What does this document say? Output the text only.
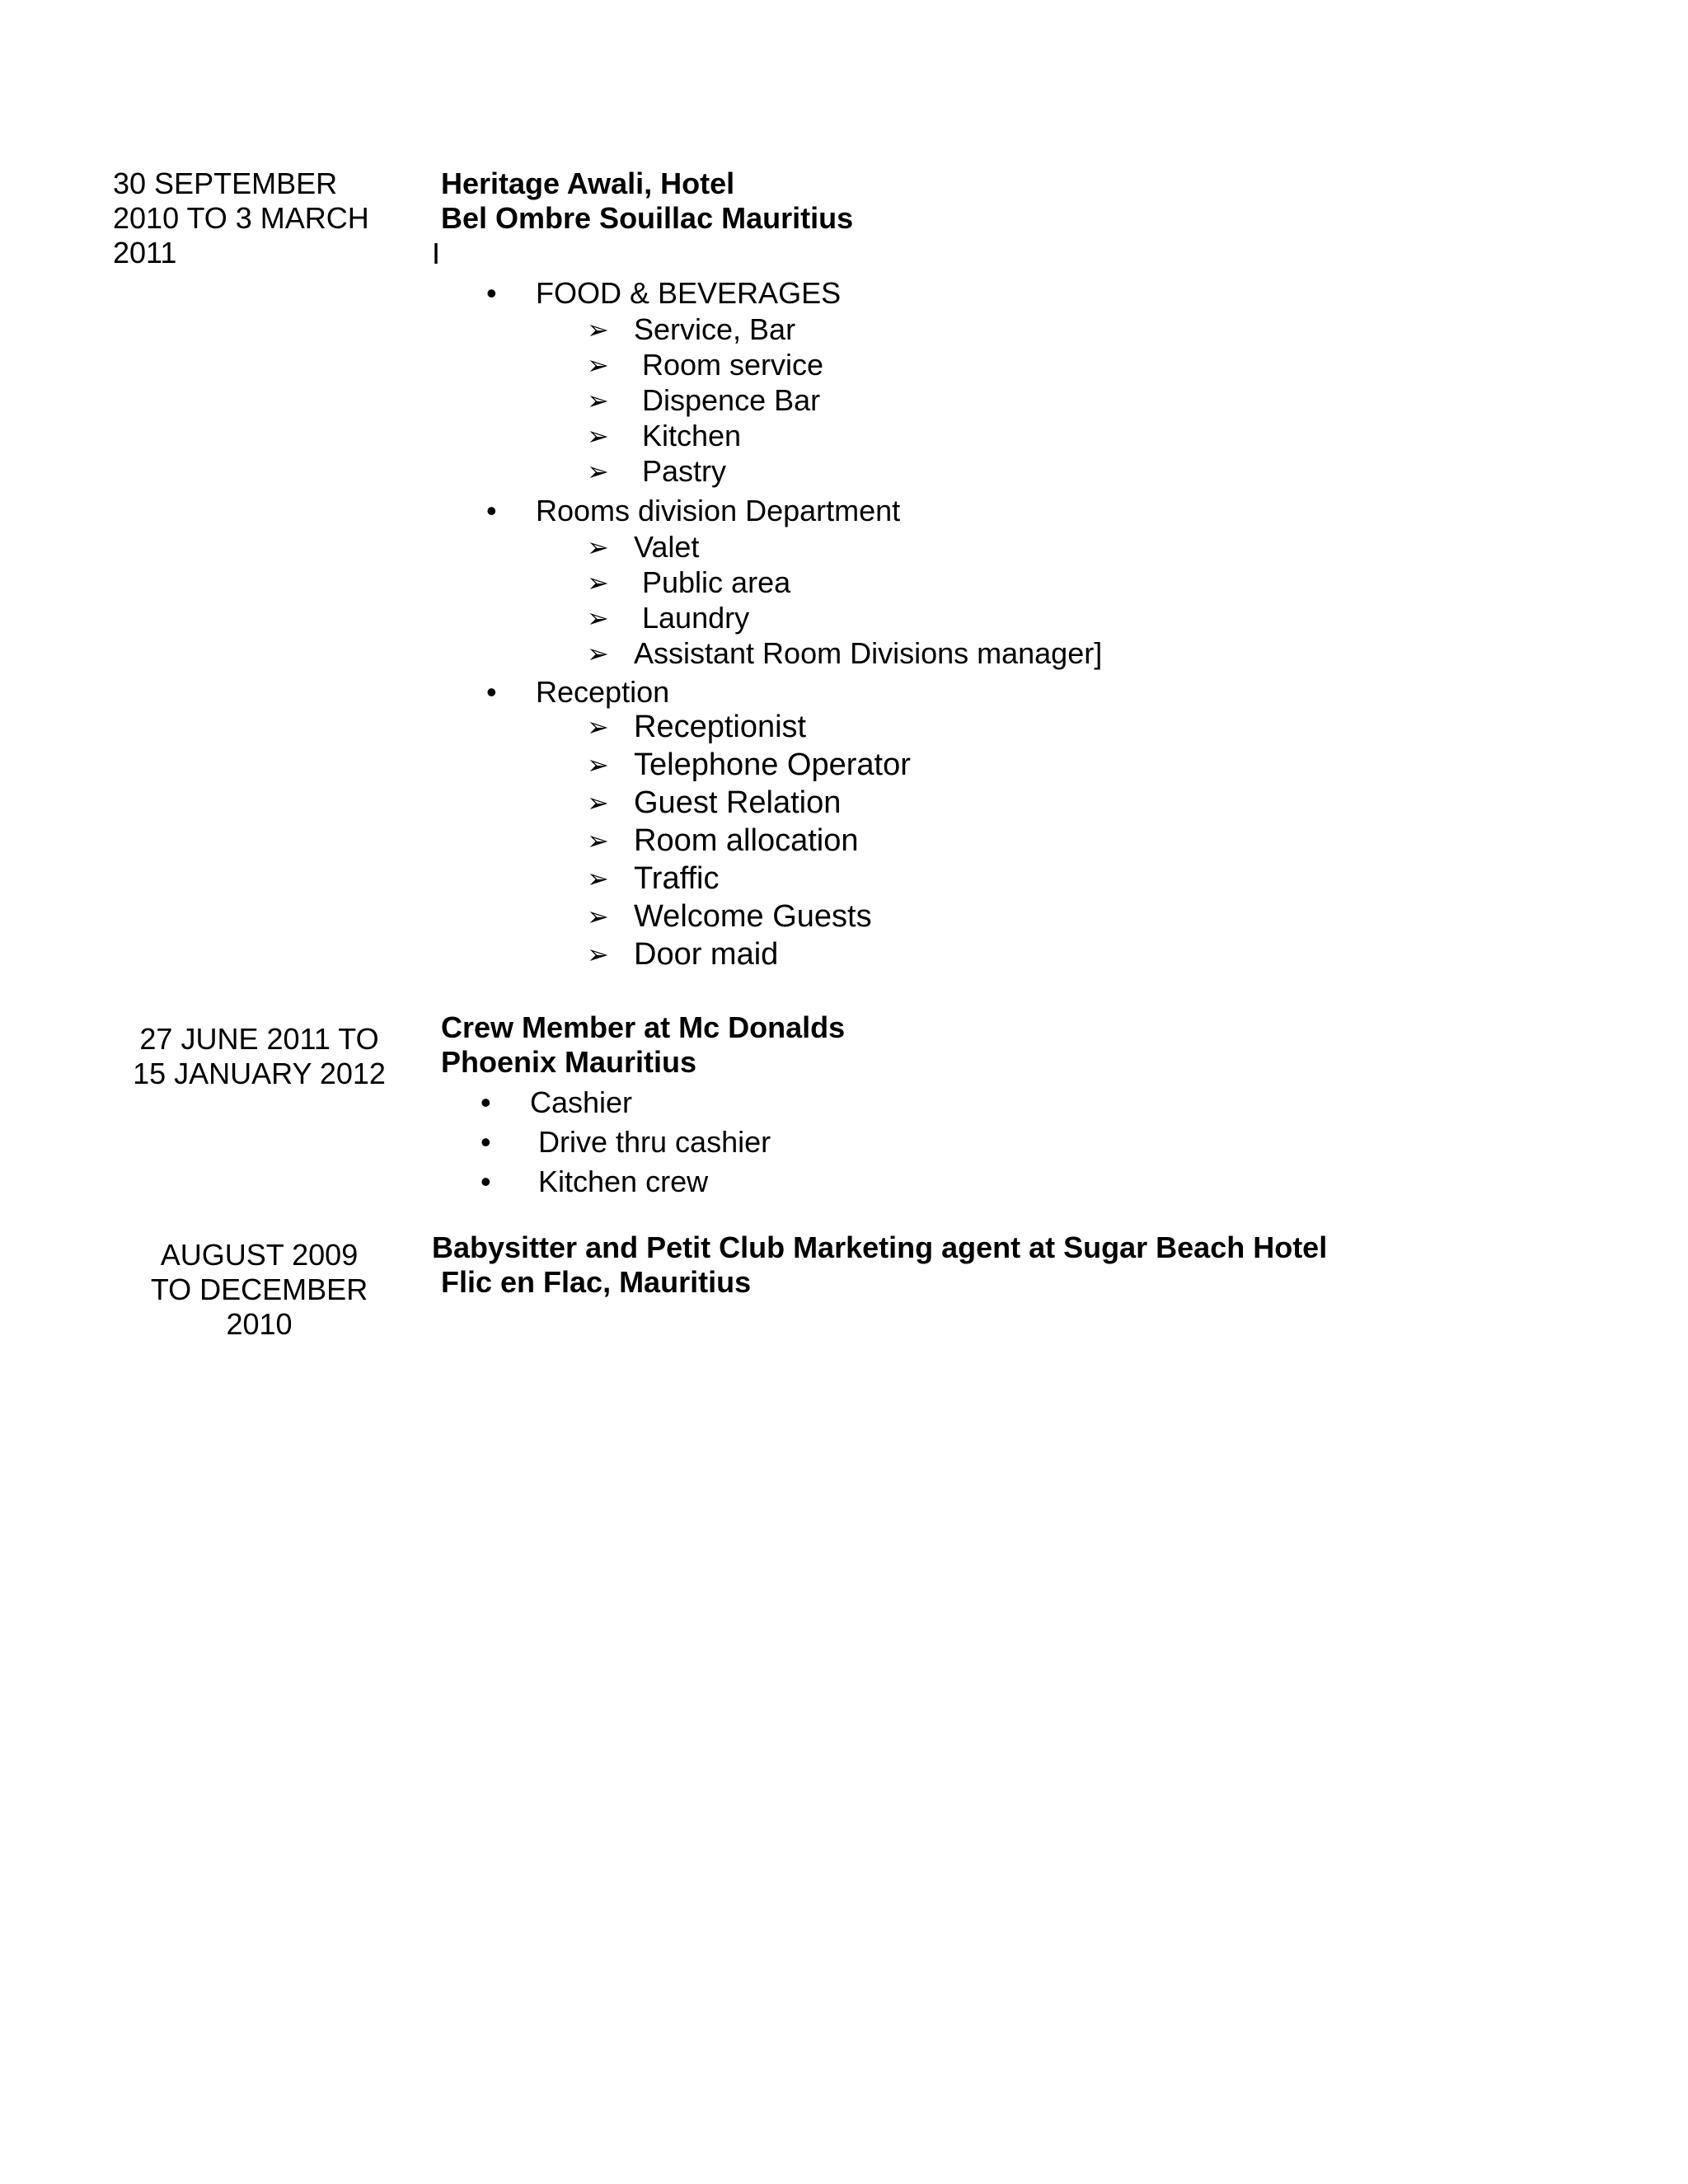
30 SEPTEMBER
2010 TO 3 MARCH
2011
Heritage Awali, Hotel
Bel Ombre Souillac Mauritius
I
• FOOD & BEVERAGES
➢ Service, Bar
➢ Room service
➢ Dispence Bar
➢ Kitchen
➢ Pastry
• Rooms division Department
➢ Valet
➢ Public area
➢ Laundry
➢ Assistant Room Divisions manager]
• Reception
➢ Receptionist
➢ Telephone Operator
➢ Guest Relation
➢ Room allocation
➢ Traffic
➢ Welcome Guests
➢ Door maid
27 JUNE 2011 TO
15 JANUARY 2012
Crew Member at Mc Donalds
Phoenix Mauritius
• Cashier
• Drive thru cashier
• Kitchen crew
AUGUST 2009
TO DECEMBER
2010
Babysitter and Petit Club Marketing agent at Sugar Beach Hotel
Flic en Flac, Mauritius
